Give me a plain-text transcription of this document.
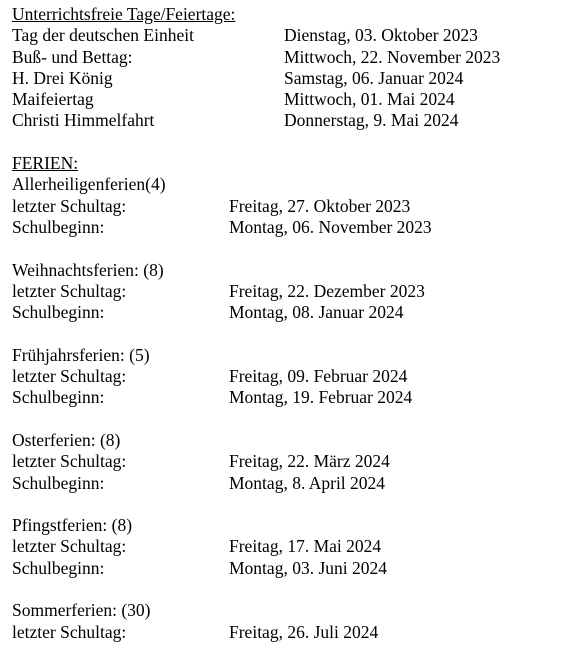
Unterrichtsfreie Tage/Feiertage:
Tag der deutschen Einheit	Dienstag, 03. Oktober 2023
Buß- und Bettag:	Mittwoch, 22. November 2023
H. Drei König	Samstag, 06. Januar 2024
Maifeiertag	Mittwoch, 01. Mai 2024
Christi Himmelfahrt	Donnerstag, 9. Mai 2024
FERIEN:
Allerheiligenferien(4)
letzter Schultag:	Freitag, 27. Oktober 2023
Schulbeginn:	Montag, 06. November 2023
Weihnachtsferien: (8)
letzter Schultag:	Freitag, 22. Dezember 2023
Schulbeginn:	Montag, 08. Januar 2024
Frühjahrsferien: (5)
letzter Schultag:	Freitag, 09. Februar 2024
Schulbeginn:	Montag, 19. Februar 2024
Osterferien: (8)
letzter Schultag:	Freitag, 22. März 2024
Schulbeginn:	Montag, 8. April 2024
Pfingstferien: (8)
letzter Schultag:	Freitag, 17. Mai 2024
Schulbeginn:	Montag, 03. Juni 2024
Sommerferien: (30)
letzter Schultag:	Freitag, 26. Juli 2024
